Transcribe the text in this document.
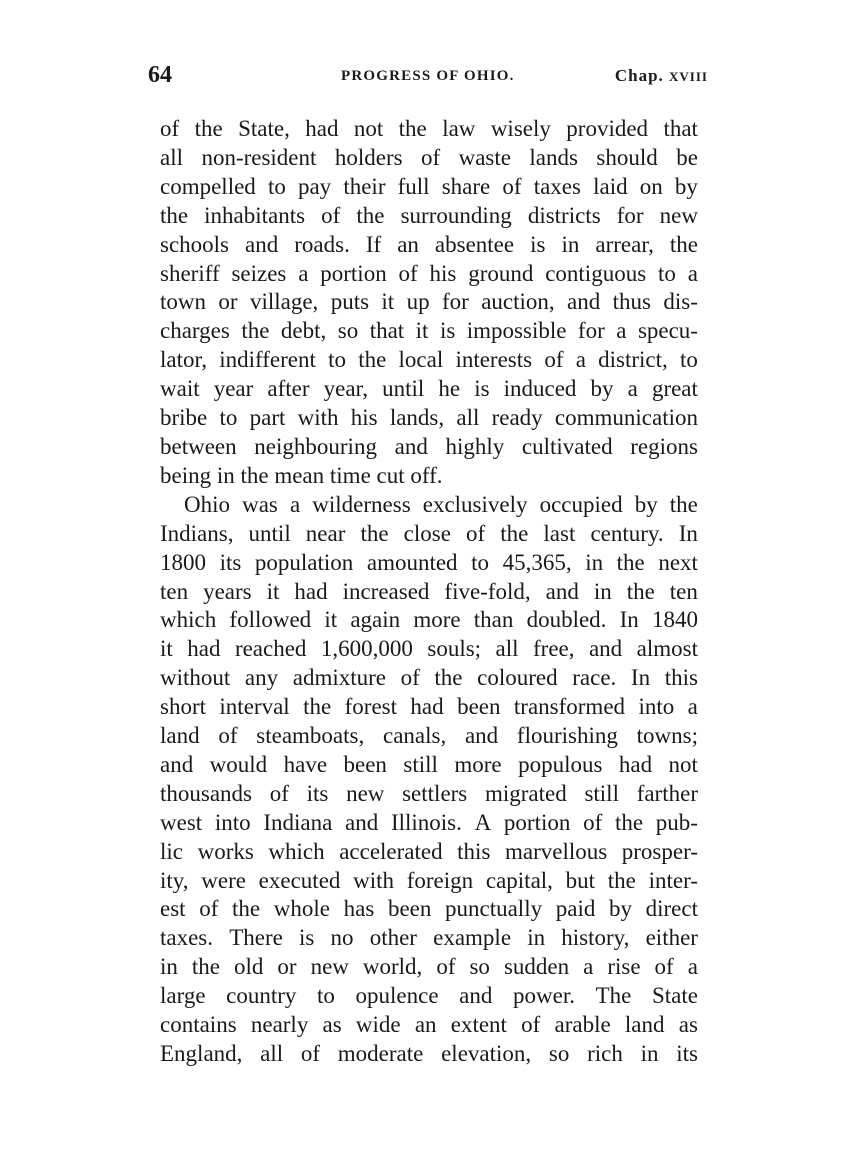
64	PROGRESS OF OHIO.	Chap. XVIII
of the State, had not the law wisely provided that
all non-resident holders of waste lands should be
compelled to pay their full share of taxes laid on by
the inhabitants of the surrounding districts for new
schools and roads. If an absentee is in arrear, the
sheriff seizes a portion of his ground contiguous to a
town or village, puts it up for auction, and thus dis-
charges the debt, so that it is impossible for a specu-
lator, indifferent to the local interests of a district, to
wait year after year, until he is induced by a great
bribe to part with his lands, all ready communication
between neighbouring and highly cultivated regions
being in the mean time cut off.
Ohio was a wilderness exclusively occupied by the
Indians, until near the close of the last century. In
1800 its population amounted to 45,365, in the next
ten years it had increased five-fold, and in the ten
which followed it again more than doubled. In 1840
it had reached 1,600,000 souls; all free, and almost
without any admixture of the coloured race. In this
short interval the forest had been transformed into a
land of steamboats, canals, and flourishing towns;
and would have been still more populous had not
thousands of its new settlers migrated still farther
west into Indiana and Illinois. A portion of the pub-
lic works which accelerated this marvellous prosper-
ity, were executed with foreign capital, but the inter-
est of the whole has been punctually paid by direct
taxes. There is no other example in history, either
in the old or new world, of so sudden a rise of a
large country to opulence and power. The State
contains nearly as wide an extent of arable land as
England, all of moderate elevation, so rich in its
